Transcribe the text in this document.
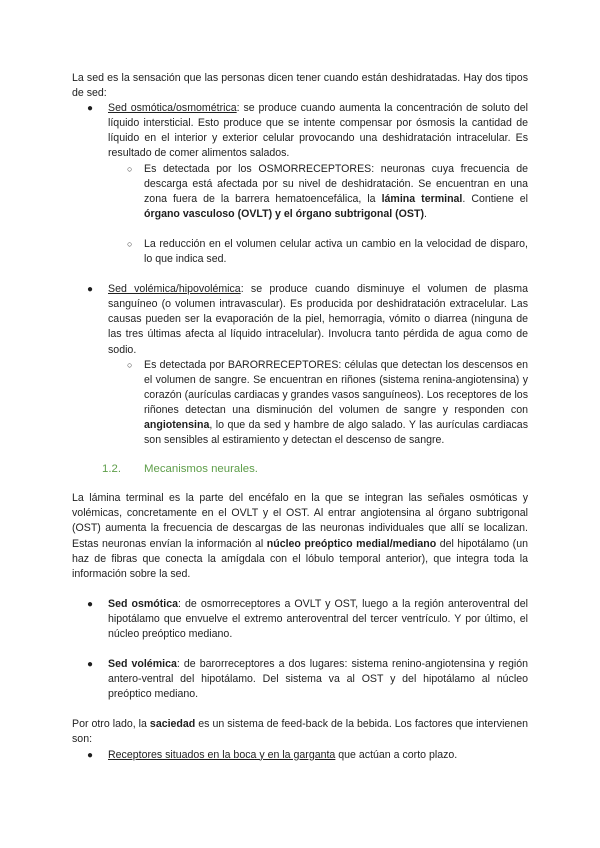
La sed es la sensación que las personas dicen tener cuando están deshidratadas. Hay dos tipos de sed:

● Sed osmótica/osmométrica: se produce cuando aumenta la concentración de soluto del líquido intersticial. Esto produce que se intente compensar por ósmosis la cantidad de líquido en el interior y exterior celular provocando una deshidratación intracelular. Es resultado de comer alimentos salados.
○ Es detectada por los OSMORRECEPTORES: neuronas cuya frecuencia de descarga está afectada por su nivel de deshidratación. Se encuentran en una zona fuera de la barrera hematoencefálica, la lámina terminal. Contiene el órgano vasculoso (OVLT) y el órgano subtrigonal (OST).
○ La reducción en el volumen celular activa un cambio en la velocidad de disparo, lo que indica sed.
● Sed volémica/hipovolémica: se produce cuando disminuye el volumen de plasma sanguíneo (o volumen intravascular). Es producida por deshidratación extracelular. Las causas pueden ser la evaporación de la piel, hemorragia, vómito o diarrea (ninguna de las tres últimas afecta al líquido intracelular). Involucra tanto pérdida de agua como de sodio.
○ Es detectada por BARORRECEPTORES: células que detectan los descensos en el volumen de sangre. Se encuentran en riñones (sistema renina-angiotensina) y corazón (aurículas cardiacas y grandes vasos sanguíneos). Los receptores de los riñones detectan una disminución del volumen de sangre y responden con angiotensina, lo que da sed y hambre de algo salado. Y las aurículas cardiacas son sensibles al estiramiento y detectan el descenso de sangre.
1.2. Mecanismos neurales.

La lámina terminal es la parte del encéfalo en la que se integran las señales osmóticas y volémicas, concretamente en el OVLT y el OST. Al entrar angiotensina al órgano subtrigonal (OST) aumenta la frecuencia de descargas de las neuronas individuales que allí se localizan. Estas neuronas envían la información al núcleo preóptico medial/mediano del hipotálamo (un haz de fibras que conecta la amígdala con el lóbulo temporal anterior), que integra toda la información sobre la sed.

● Sed osmótica: de osmorreceptores a OVLT y OST, luego a la región anteroventral del hipotálamo que envuelve el extremo anteroventral del tercer ventrículo. Y por último, el núcleo preóptico mediano.
● Sed volémica: de barorreceptores a dos lugares: sistema renino-angiotensina y región antero-ventral del hipotálamo. Del sistema va al OST y del hipotálamo al núcleo preóptico mediano.

Por otro lado, la saciedad es un sistema de feed-back de la bebida. Los factores que intervienen son:

● Receptores situados en la boca y en la garganta que actúan a corto plazo.
